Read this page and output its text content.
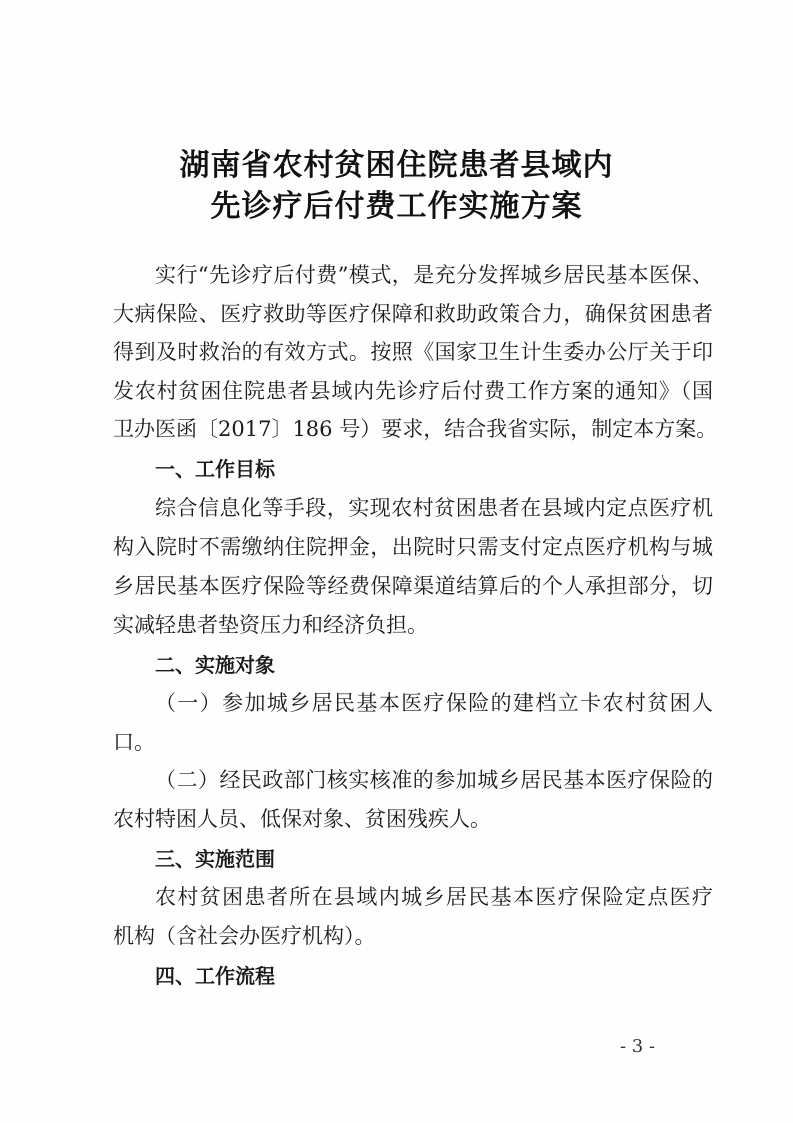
湖南省农村贫困住院患者县域内
先诊疗后付费工作实施方案
实行“先诊疗后付费”模式，是充分发挥城乡居民基本医保、
大病保险、医疗救助等医疗保障和救助政策合力，确保贫困患者
得到及时救治的有效方式。按照《国家卫生计生委办公厅关于印
发农村贫困住院患者县域内先诊疗后付费工作方案的通知》（国
卫办医函〔2017〕186 号）要求，结合我省实际，制定本方案。
一、工作目标
综合信息化等手段，实现农村贫困患者在县域内定点医疗机
构入院时不需缴纳住院押金，出院时只需支付定点医疗机构与城
乡居民基本医疗保险等经费保障渠道结算后的个人承担部分，切
实减轻患者垫资压力和经济负担。
二、实施对象
（一）参加城乡居民基本医疗保险的建档立卡农村贫困人
口。
（二）经民政部门核实核准的参加城乡居民基本医疗保险的
农村特困人员、低保对象、贫困残疾人。
三、实施范围
农村贫困患者所在县域内城乡居民基本医疗保险定点医疗
机构（含社会办医疗机构）。
四、工作流程
- 3 -
